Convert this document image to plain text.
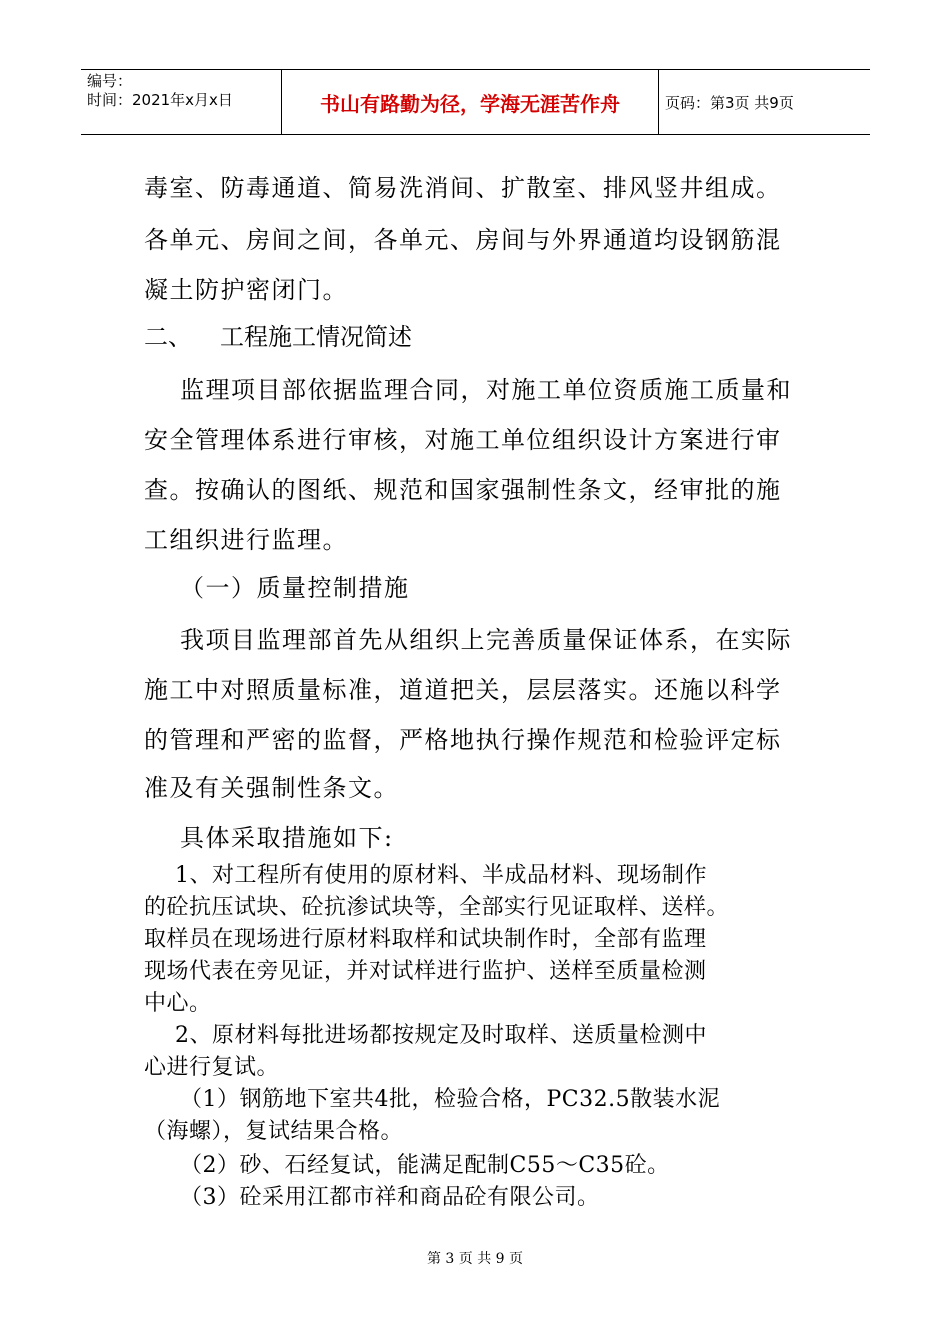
编号：
时间：2021年x月x日	书山有路勤为径，学海无涯苦作舟	页码：第3页 共9页
毒室、防毒通道、简易洗消间、扩散室、排风竖井组成。
各单元、房间之间，各单元、房间与外界通道均设钢筋混
凝土防护密闭门。
二、 工程施工情况简述
监理项目部依据监理合同，对施工单位资质施工质量和
安全管理体系进行审核，对施工单位组织设计方案进行审
查。按确认的图纸、规范和国家强制性条文，经审批的施
工组织进行监理。
（一）质量控制措施
我项目监理部首先从组织上完善质量保证体系，在实际
施工中对照质量标准，道道把关，层层落实。还施以科学
的管理和严密的监督，严格地执行操作规范和检验评定标
准及有关强制性条文。
具体采取措施如下:
1、对工程所有使用的原材料、半成品材料、现场制作
的砼抗压试块、砼抗渗试块等，全部实行见证取样、送样。
取样员在现场进行原材料取样和试块制作时，全部有监理
现场代表在旁见证，并对试样进行监护、送样至质量检测
中心。
2、原材料每批进场都按规定及时取样、送质量检测中
心进行复试。
（1）钢筋地下室共4批，检验合格，PC32.5散装水泥
（海螺），复试结果合格。
（2）砂、石经复试，能满足配制C55～C35砼。
（3）砼采用江都市祥和商品砼有限公司。
第 3 页 共 9 页
